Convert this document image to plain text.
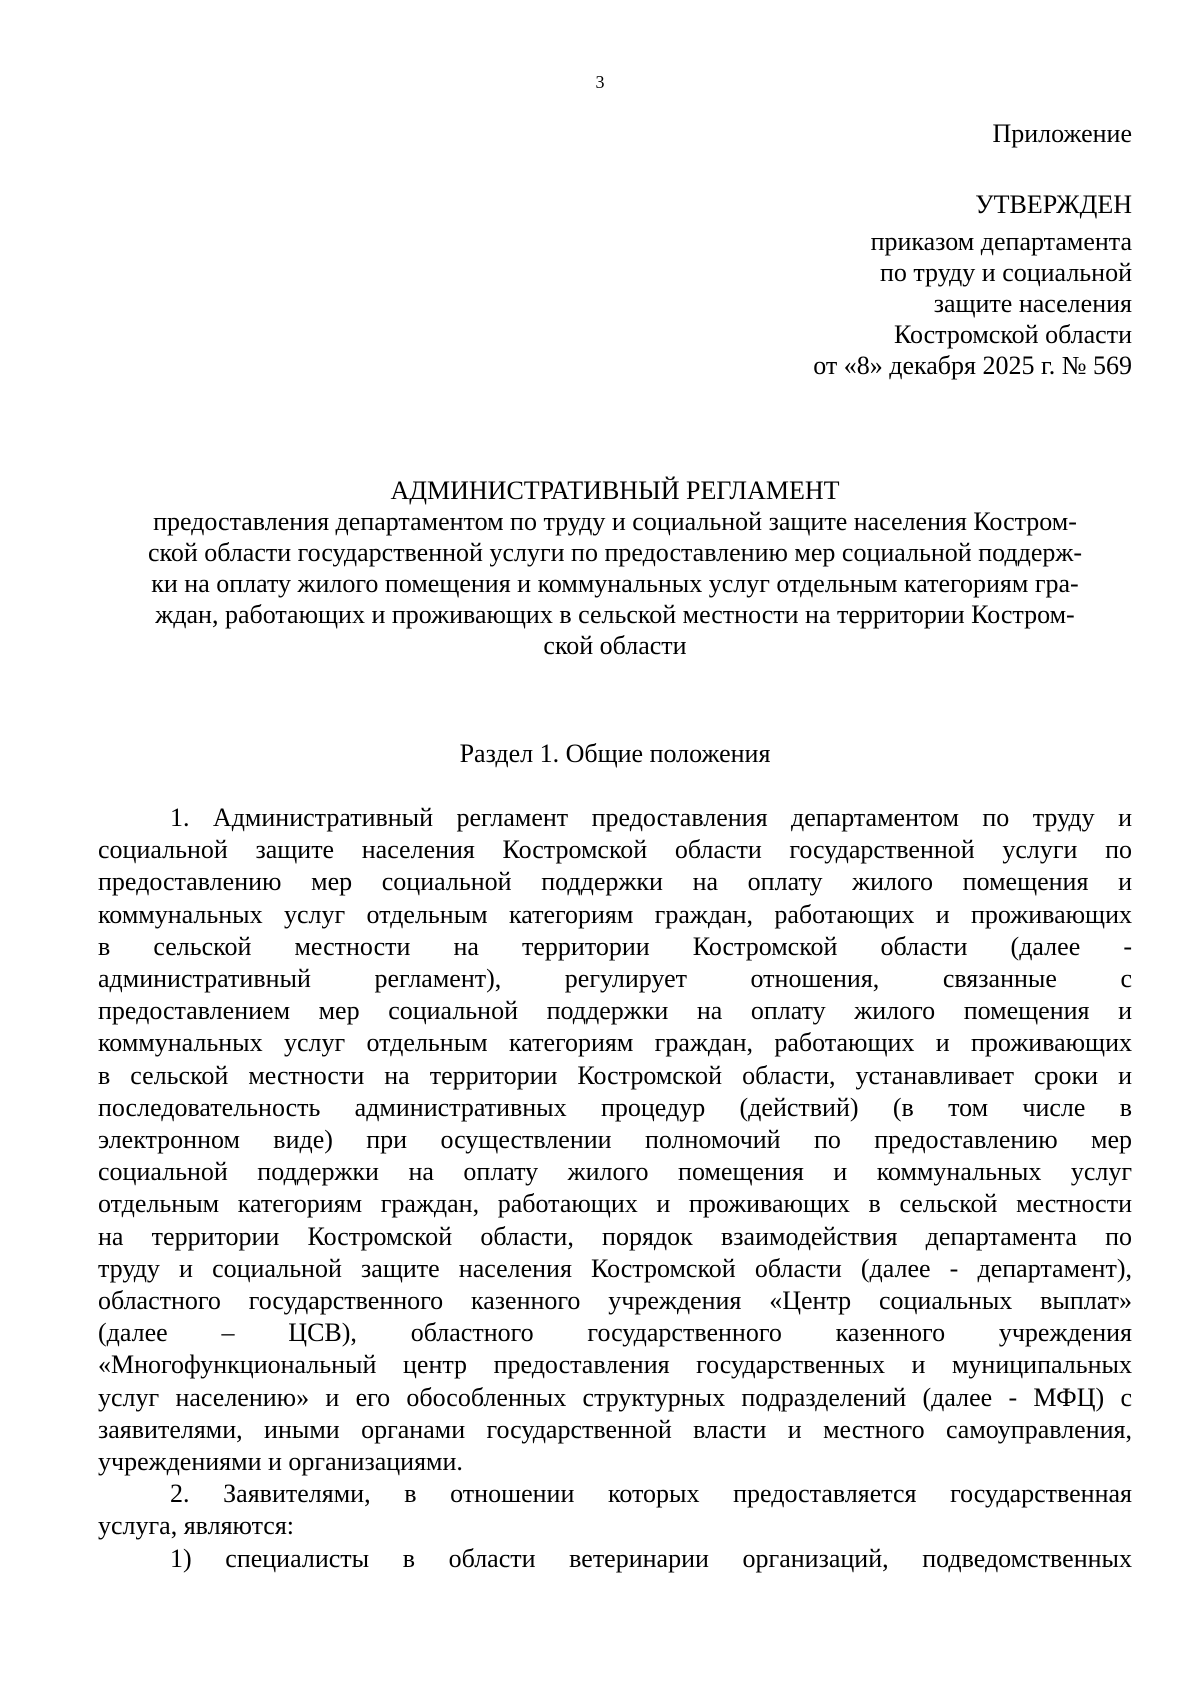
3
Приложение
УТВЕРЖДЕН
приказом департамента
по труду и социальной
защите населения
Костромской области
от «8» декабря 2025 г. № 569
АДМИНИСТРАТИВНЫЙ РЕГЛАМЕНТ
предоставления департаментом по труду и социальной защите населения Костром-
ской области государственной услуги по предоставлению мер социальной поддерж-
ки на оплату жилого помещения и коммунальных услуг отдельным категориям гра-
ждан, работающих и проживающих в сельской местности на территории Костром-
ской области
Раздел 1. Общие положения
1. Административный регламент предоставления департаментом по труду и
социальной защите населения Костромской области государственной услуги по
предоставлению мер социальной поддержки на оплату жилого помещения и
коммунальных услуг отдельным категориям граждан, работающих и проживающих
в сельской местности на территории Костромской области (далее -
административный регламент), регулирует отношения, связанные с
предоставлением мер социальной поддержки на оплату жилого помещения и
коммунальных услуг отдельным категориям граждан, работающих и проживающих
в сельской местности на территории Костромской области, устанавливает сроки и
последовательность административных процедур (действий) (в том числе в
электронном виде) при осуществлении полномочий по предоставлению мер
социальной поддержки на оплату жилого помещения и коммунальных услуг
отдельным категориям граждан, работающих и проживающих в сельской местности
на территории Костромской области, порядок взаимодействия департамента по
труду и социальной защите населения Костромской области (далее - департамент),
областного государственного казенного учреждения «Центр социальных выплат»
(далее – ЦСВ), областного государственного казенного учреждения
«Многофункциональный центр предоставления государственных и муниципальных
услуг населению» и его обособленных структурных подразделений (далее - МФЦ) с
заявителями, иными органами государственной власти и местного самоуправления,
учреждениями и организациями.
2. Заявителями, в отношении которых предоставляется государственная
услуга, являются:
1) специалисты в области ветеринарии организаций, подведомственных
